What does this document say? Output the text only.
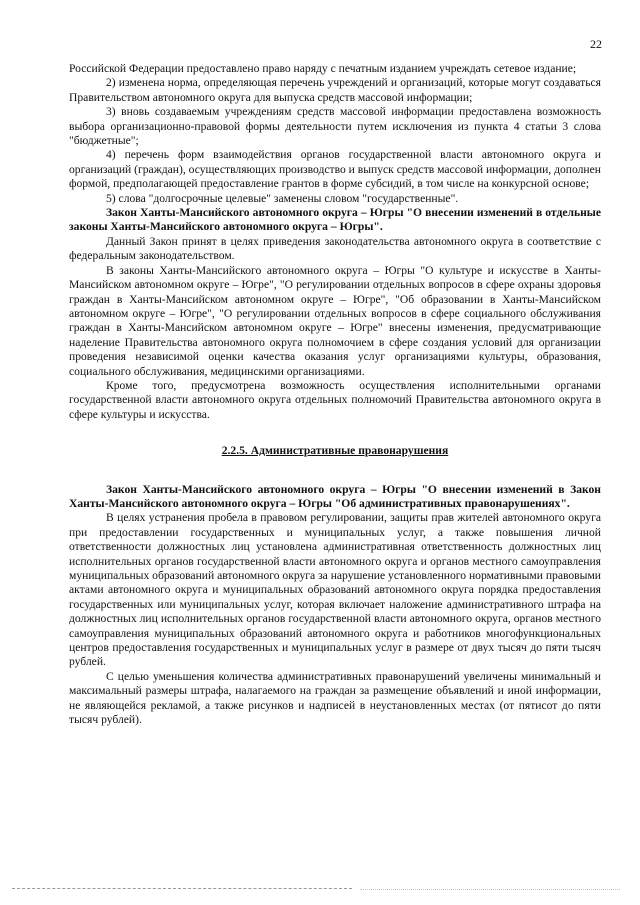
22

Российской Федерации предоставлено право наряду с печатным изданием учреждать сетевое издание;

2) изменена норма, определяющая перечень учреждений и организаций, которые могут создаваться Правительством автономного округа для выпуска средств массовой информации;

3) вновь создаваемым учреждениям средств массовой информации предоставлена возможность выбора организационно-правовой формы деятельности путем исключения из пункта 4 статьи 3 слова "бюджетные";

4) перечень форм взаимодействия органов государственной власти автономного округа и организаций (граждан), осуществляющих производство и выпуск средств массовой информации, дополнен формой, предполагающей предоставление грантов в форме субсидий, в том числе на конкурсной основе;

5) слова "долгосрочные целевые" заменены словом "государственные".

Закон Ханты-Мансийского автономного округа – Югры "О внесении изменений в отдельные законы Ханты-Мансийского автономного округа – Югры".

Данный Закон принят в целях приведения законодательства автономного округа в соответствие с федеральным законодательством.

В законы Ханты-Мансийского автономного округа – Югры "О культуре и искусстве в Ханты-Мансийском автономном округе – Югре", "О регулировании отдельных вопросов в сфере охраны здоровья граждан в Ханты-Мансийском автономном округе – Югре", "Об образовании в Ханты-Мансийском автономном округе – Югре", "О регулировании отдельных вопросов в сфере социального обслуживания граждан в Ханты-Мансийском автономном округе – Югре" внесены изменения, предусматривающие наделение Правительства автономного округа полномочием в сфере создания условий для организации проведения независимой оценки качества оказания услуг организациями культуры, образования, социального обслуживания, медицинскими организациями.

Кроме того, предусмотрена возможность осуществления исполнительными органами государственной власти автономного округа отдельных полномочий Правительства автономного округа в сфере культуры и искусства.

2.2.5. Административные правонарушения

Закон Ханты-Мансийского автономного округа – Югры "О внесении изменений в Закон Ханты-Мансийского автономного округа – Югры "Об административных правонарушениях".

В целях устранения пробела в правовом регулировании, защиты прав жителей автономного округа при предоставлении государственных и муниципальных услуг, а также повышения личной ответственности должностных лиц установлена административная ответственность должностных лиц исполнительных органов государственной власти автономного округа и органов местного самоуправления муниципальных образований автономного округа за нарушение установленного нормативными правовыми актами автономного округа и муниципальных образований автономного округа порядка предоставления государственных или муниципальных услуг, которая включает наложение административного штрафа на должностных лиц исполнительных органов государственной власти автономного округа, органов местного самоуправления муниципальных образований автономного округа и работников многофункциональных центров предоставления государственных и муниципальных услуг в размере от двух тысяч до пяти тысяч рублей.

С целью уменьшения количества административных правонарушений увеличены минимальный и максимальный размеры штрафа, налагаемого на граждан за размещение объявлений и иной информации, не являющейся рекламой, а также рисунков и надписей в неустановленных местах (от пятисот до пяти тысяч рублей).
